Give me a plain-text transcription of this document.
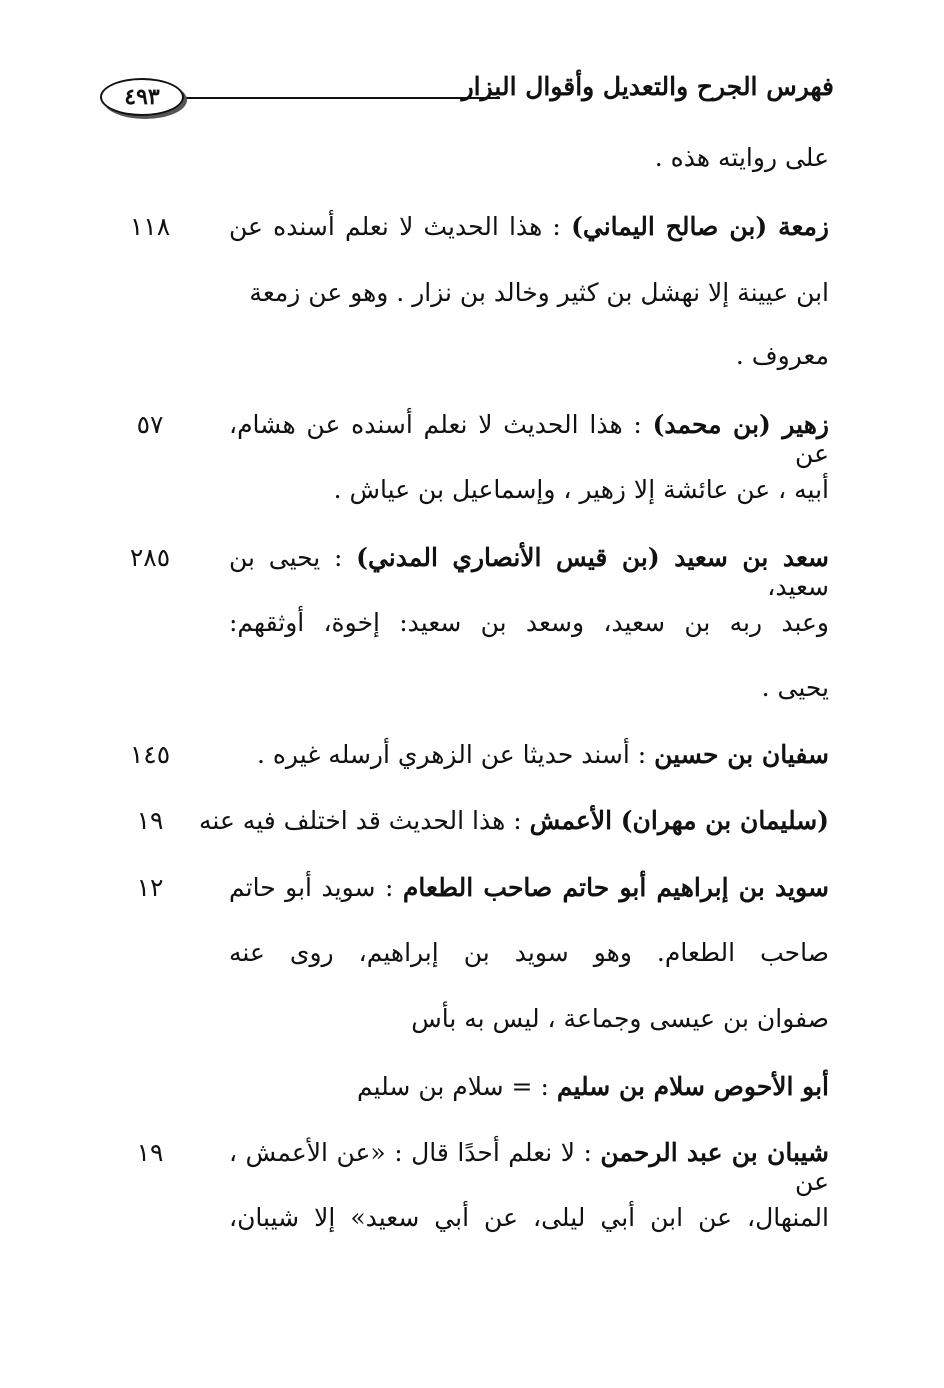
فهرس الجرح والتعديل وأقوال البزار
٤٩٣
على روايته هذه .
زمعة (بن صالح اليماني) : هذا الحديث لا نعلم أسنده عن
١١٨
ابن عيينة إلا نهشل بن كثير وخالد بن نزار . وهو عن زمعة
معروف .
زهير (بن محمد) : هذا الحديث لا نعلم أسنده عن هشام، عن
٥٧
أبيه ، عن عائشة إلا زهير ، وإسماعيل بن عياش .
سعد بن سعيد (بن قيس الأنصاري المدني) : يحيى بن سعيد،
٢٨٥
وعبد ربه بن سعيد، وسعد بن سعيد: إخوة، أوثقهم:
يحيى .
سفيان بن حسين : أسند حديثا عن الزهري أرسله غيره .
١٤٥
(سليمان بن مهران) الأعمش : هذا الحديث قد اختلف فيه عنه
١٩
سويد بن إبراهيم أبو حاتم صاحب الطعام : سويد أبو حاتم
١٢
صاحب الطعام. وهو سويد بن إبراهيم، روى عنه
صفوان بن عيسى وجماعة ، ليس به بأس
أبو الأحوص سلام بن سليم : = سلام بن سليم
شيبان بن عبد الرحمن : لا نعلم أحدًا قال : «عن الأعمش ، عن
١٩
المنهال، عن ابن أبي ليلى، عن أبي سعيد» إلا شيبان،
